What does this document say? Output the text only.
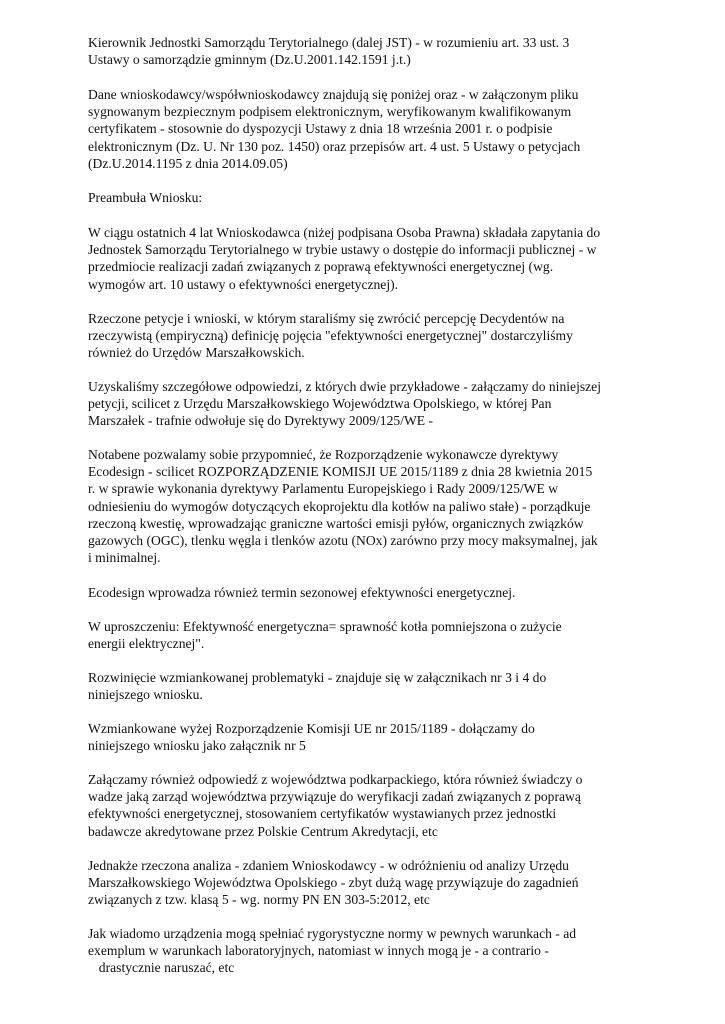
Kierownik Jednostki Samorządu Terytorialnego (dalej JST) - w rozumieniu art. 33 ust. 3
Ustawy o samorządzie gminnym (Dz.U.2001.142.1591 j.t.)
Dane wnioskodawcy/współwnioskodawcy znajdują się poniżej oraz - w załączonym pliku
sygnowanym bezpiecznym podpisem elektronicznym, weryfikowanym kwalifikowanym
certyfikatem - stosownie do dyspozycji Ustawy z dnia 18 września 2001 r. o podpisie
elektronicznym (Dz. U. Nr 130 poz. 1450) oraz przepisów art. 4 ust. 5 Ustawy o petycjach
(Dz.U.2014.1195 z dnia 2014.09.05)
Preambuła Wniosku:
W ciągu ostatnich 4 lat Wnioskodawca (niżej podpisana Osoba Prawna) składała zapytania do
Jednostek Samorządu Terytorialnego w trybie ustawy o dostępie do informacji publicznej - w
przedmiocie realizacji zadań związanych z poprawą efektywności energetycznej (wg.
wymogów art. 10 ustawy o efektywności energetycznej).
Rzeczone petycje i wnioski, w którym staraliśmy się zwrócić percepcję Decydentów na
rzeczywistą (empiryczną) definicję pojęcia "efektywności energetycznej" dostarczyliśmy
również do Urzędów Marszałkowskich.
Uzyskaliśmy szczegółowe odpowiedzi, z których dwie przykładowe - załączamy do niniejszej
petycji, scilicet z Urzędu Marszałkowskiego Województwa Opolskiego, w której Pan
Marszałek - trafnie odwołuje się do Dyrektywy 2009/125/WE -
Notabene pozwalamy sobie przypomnieć, że Rozporządzenie wykonawcze dyrektywy
Ecodesign - scilicet ROZPORZĄDZENIE KOMISJI UE 2015/1189 z dnia 28 kwietnia 2015
r. w sprawie wykonania dyrektywy Parlamentu Europejskiego i Rady 2009/125/WE w
odniesieniu do wymogów dotyczących ekoprojektu dla kotłów na paliwo stałe) - porządkuje
rzeczoną kwestię, wprowadzając graniczne wartości emisji pyłów, organicznych związków
gazowych (OGC), tlenku węgla i tlenków azotu (NOx) zarówno przy mocy maksymalnej, jak
i minimalnej.
Ecodesign wprowadza również termin sezonowej efektywności energetycznej.
W uproszczeniu: Efektywność energetyczna= sprawność kotła pomniejszona o zużycie
energii elektrycznej".
Rozwinięcie wzmiankowanej problematyki - znajduje się w załącznikach nr 3 i 4 do
niniejszego wniosku.
Wzmiankowane wyżej Rozporządzenie Komisji UE nr 2015/1189 - dołączamy do
niniejszego wniosku jako załącznik nr 5
Załączamy również odpowiedź z województwa podkarpackiego, która również świadczy o
wadze jaką zarząd województwa przywiązuje do weryfikacji zadań związanych z poprawą
efektywności energetycznej, stosowaniem certyfikatów wystawianych przez jednostki
badawcze akredytowane przez Polskie Centrum Akredytacji, etc
Jednakże rzeczona analiza - zdaniem Wnioskodawcy - w odróżnieniu od analizy Urzędu
Marszałkowskiego Województwa Opolskiego - zbyt dużą wagę przywiązuje do zagadnień
związanych z tzw. klasą 5 - wg. normy PN EN 303-5:2012, etc
Jak wiadomo urządzenia mogą spełniać rygorystyczne normy w pewnych warunkach - ad
exemplum w warunkach laboratoryjnych, natomiast w innych mogą je - a contrario -
drastycznie naruszać, etc
